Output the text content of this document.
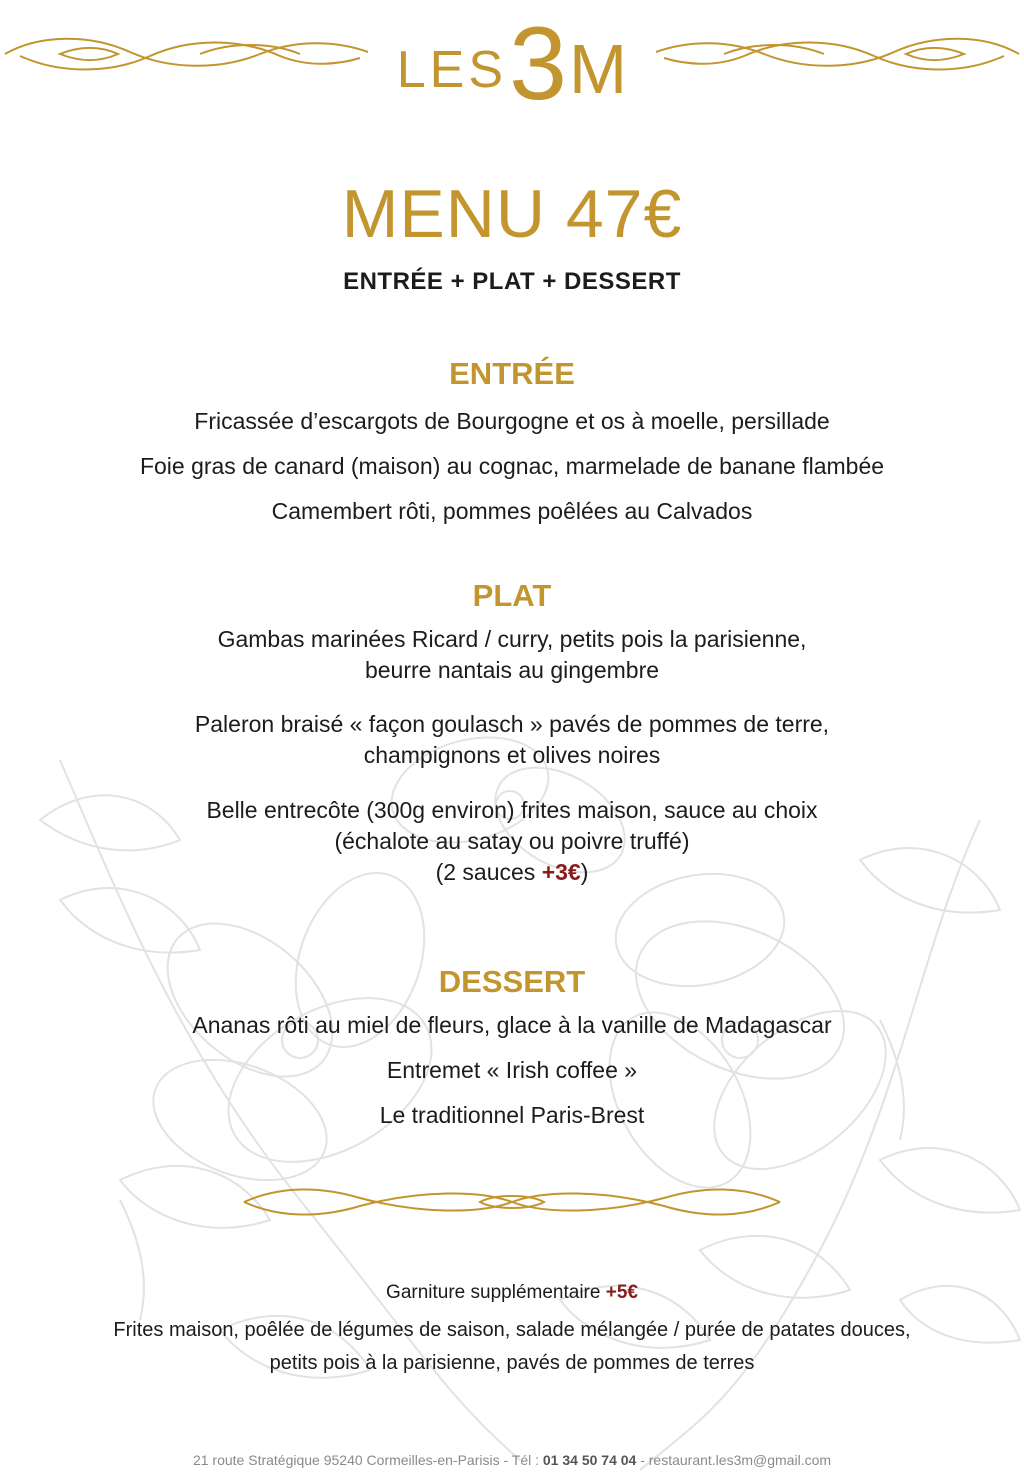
LES3M
MENU 47€
ENTRÉE + PLAT + DESSERT
ENTRÉE
Fricassée d’escargots de Bourgogne et os à moelle, persillade
Foie gras de canard (maison) au cognac, marmelade de banane flambée
Camembert rôti, pommes poêlées au Calvados
PLAT
Gambas marinées Ricard / curry, petits pois la parisienne,
beurre nantais au gingembre
Paleron braisé « façon goulasch » pavés de pommes de terre,
champignons et olives noires
Belle entrecôte (300g environ) frites maison, sauce au choix
(échalote au satay ou poivre truffé)
(2 sauces +3€)
DESSERT
Ananas rôti au miel de fleurs, glace à la vanille de Madagascar
Entremet « Irish coffee »
Le traditionnel Paris-Brest
Garniture supplémentaire +5€
Frites maison, poêlée de légumes de saison, salade mélangée / purée de patates douces,
petits pois à la parisienne, pavés de pommes de terres
21 route Stratégique 95240 Cormeilles-en-Parisis - Tél : 01 34 50 74 04 - restaurant.les3m@gmail.com
